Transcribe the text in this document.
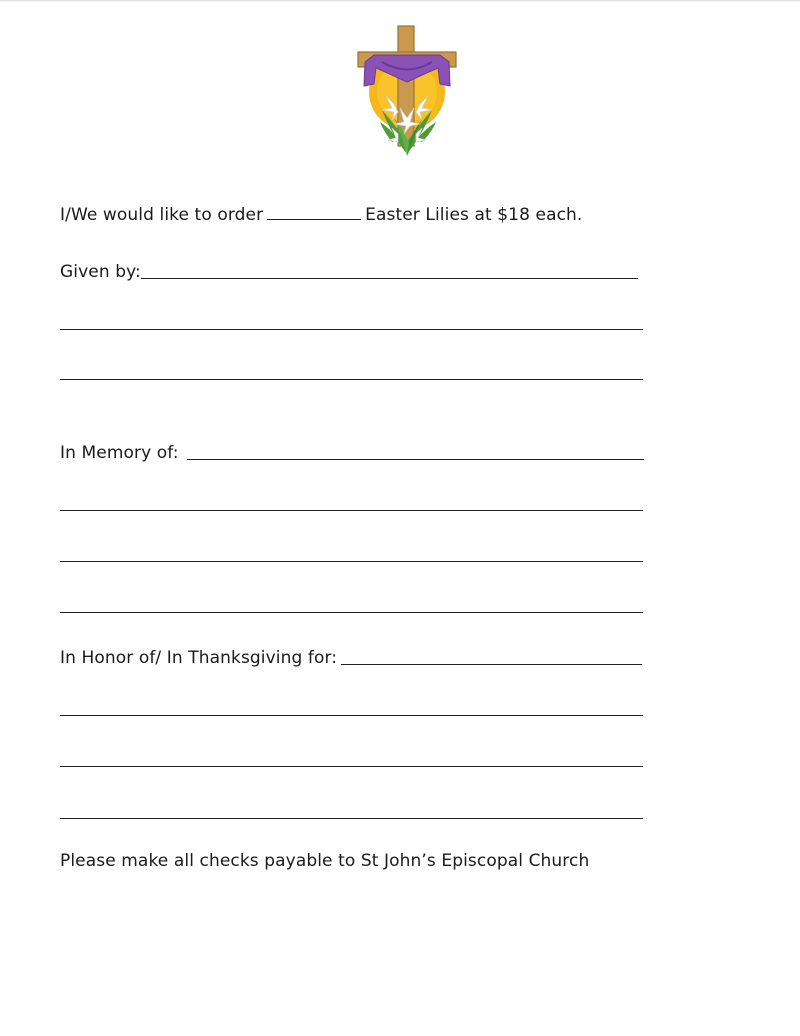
I/We would like to order	Easter Lilies at $18 each.
Given by:
In Memory of:
In Honor of/ In Thanksgiving for:
Please make all checks payable to St John’s Episcopal Church
